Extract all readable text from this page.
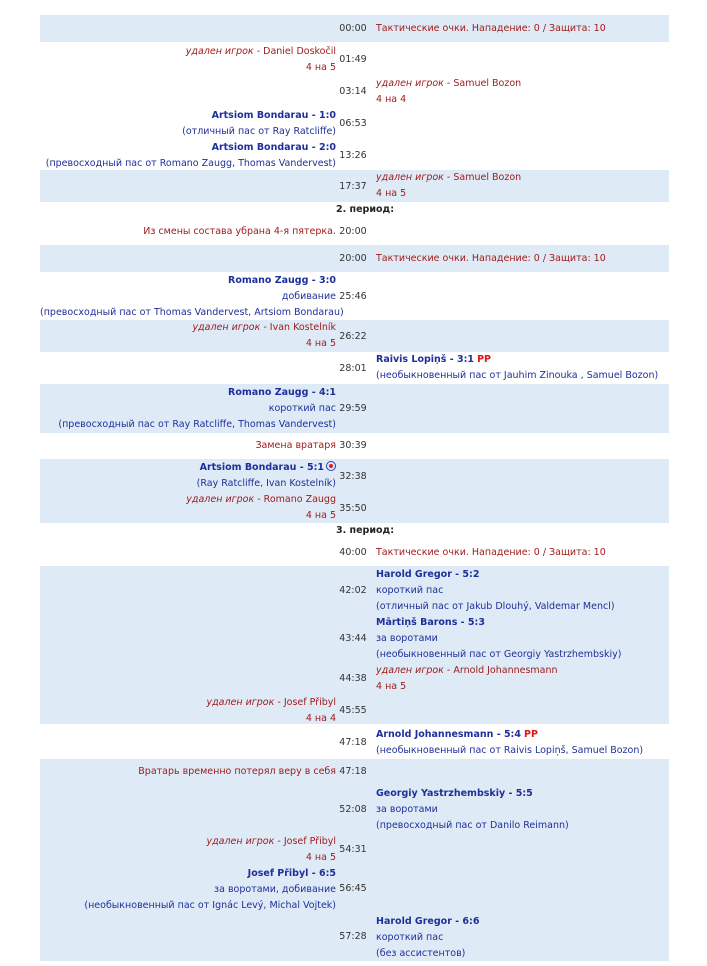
00:00 Тактические очки. Нападение: 0 / Защита: 10
01:49
03:14
удален игрок - Daniel Doskočil
4 на 5
удален игрок - Samuel Bozon
4 на 4
06:53
13:26
Artsiom Bondarau - 1:0
(отличный пас от Ray Ratcliffe)
Artsiom Bondarau - 2:0
(превосходный пас от Romano Zaugg, Thomas Vandervest)
17:37
удален игрок - Samuel Bozon
4 на 5
2. период:
20:00
Из смены состава убрана 4-я пятерка.
20:00 Тактические очки. Нападение: 0 / Защита: 10
25:46
Romano Zaugg - 3:0
добивание
(превосходный пас от Thomas Vandervest, Artsiom Bondarau)
26:22
удален игрок - Ivan Kostelník
4 на 5
28:01
Raivis Lopiņš - 3:1 PP
(необыкновенный пас от Jauhim Zinouka , Samuel Bozon)
29:59
Romano Zaugg - 4:1
короткий пас
(превосходный пас от Ray Ratcliffe, Thomas Vandervest)
30:39
Замена вратаря
32:38
35:50
Artsiom Bondarau - 5:1
(Ray Ratcliffe, Ivan Kostelník)
удален игрок - Romano Zaugg
4 на 5
3. период:
40:00 Тактические очки. Нападение: 0 / Защита: 10
42:02
43:44
44:38
45:55
удален игрок - Josef Přibyl
4 на 4
Harold Gregor - 5:2
короткий пас
(отличный пас от Jakub Dlouhý, Valdemar Mencl)
Mārtiņš Barons - 5:3
за воротами
(необыкновенный пас от Georgiy Yastrzhembskiy)
удален игрок - Arnold Johannesmann
4 на 5
47:18
Arnold Johannesmann - 5:4 PP
(необыкновенный пас от Raivis Lopiņš, Samuel Bozon)
47:18
52:08
54:31
56:45
57:28
Вратарь временно потерял веру в себя
удален игрок - Josef Přibyl
4 на 5
Josef Přibyl - 6:5
за воротами, добивание
(необыкновенный пас от Ignác Levý, Michal Vojtek)
Georgiy Yastrzhembskiy - 5:5
за воротами
(превосходный пас от Danilo Reimann)
Harold Gregor - 6:6
короткий пас
(без ассистентов)
